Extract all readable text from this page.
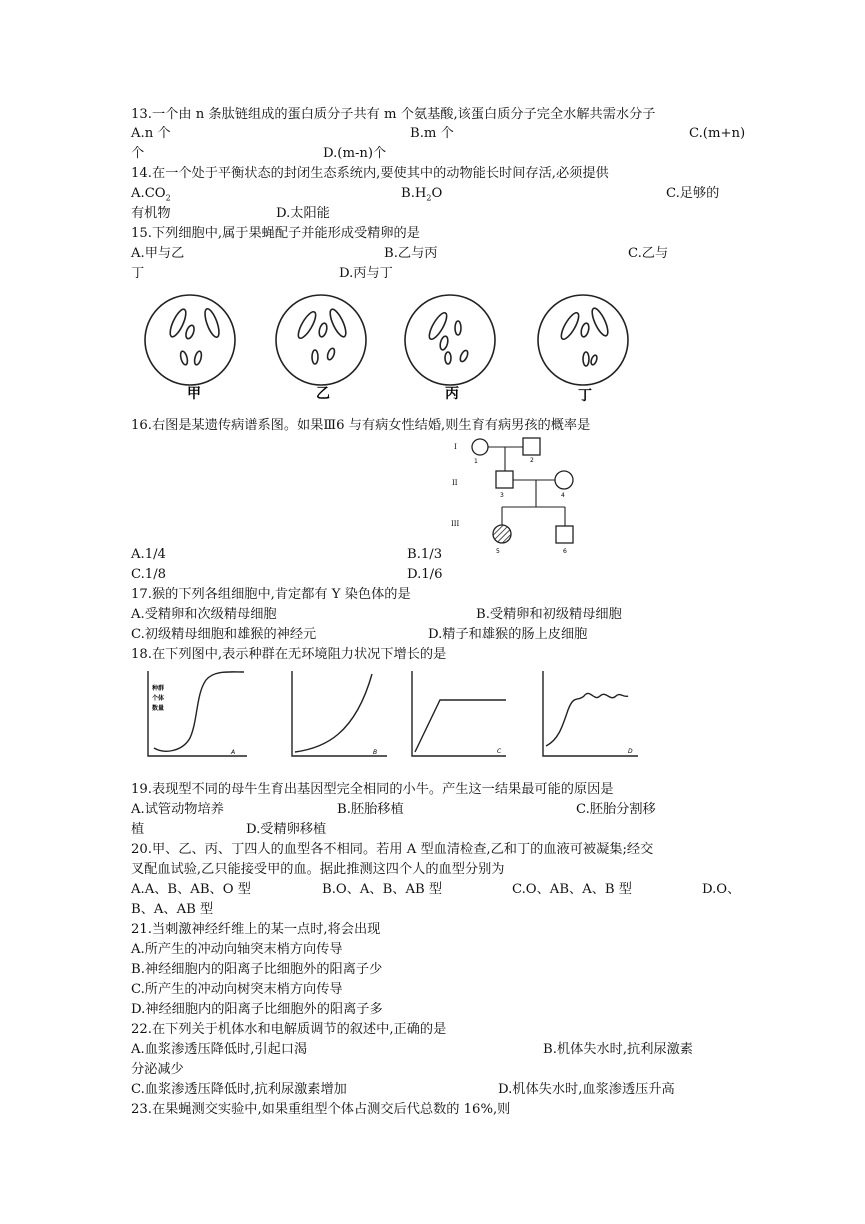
13.一个由 n 条肽链组成的蛋白质分子共有 m 个氨基酸,该蛋白质分子完全水解共需水分子
A.n 个	B.m 个	C.(m+n)
个	D.(m-n)个
14.在一个处于平衡状态的封闭生态系统内,要使其中的动物能长时间存活,必须提供
$A.CO_2$	$B.H_2O$	C.足够的
有机物	D.太阳能
15.下列细胞中,属于果蝇配子并能形成受精卵的是
A.甲与乙	B.乙与丙	C.乙与
丁	D.丙与丁
甲	乙	丙	丁
16.右图是某遗传病谱系图。如果Ⅲ6 与有病女性结婚,则生育有病男孩的概率是
I
II
III
1	2
3	4
5	6
A.1/4	B.1/3
C.1/8	D.1/6
17.猴的下列各组细胞中,肯定都有 Y 染色体的是
A.受精卵和次级精母细胞	B.受精卵和初级精母细胞
C.初级精母细胞和雄猴的神经元	D.精子和雄猴的肠上皮细胞
18.在下列图中,表示种群在无环境阻力状况下增长的是
种 群
个 体
数 量
A	B	C	D
19.表现型不同的母牛生育出基因型完全相同的小牛。产生这一结果最可能的原因是
A.试管动物培养	B.胚胎移植	C.胚胎分割移
植	D.受精卵移植
20.甲、乙、丙、丁四人的血型各不相同。若用 A 型血清检查,乙和丁的血液可被凝集;经交
叉配血试验,乙只能接受甲的血。据此推测这四个人的血型分别为
A.A、B、AB、O 型	B.O、A、B、AB 型	C.O、AB、A、B 型	D.O、
B、A、AB 型
21.当刺激神经纤维上的某一点时,将会出现
A.所产生的冲动向轴突末梢方向传导
B.神经细胞内的阳离子比细胞外的阳离子少
C.所产生的冲动向树突末梢方向传导
D.神经细胞内的阳离子比细胞外的阳离子多
22.在下列关于机体水和电解质调节的叙述中,正确的是
A.血浆渗透压降低时,引起口渴	B.机体失水时,抗利尿激素
分泌减少
C.血浆渗透压降低时,抗利尿激素增加	D.机体失水时,血浆渗透压升高
23.在果蝇测交实验中,如果重组型个体占测交后代总数的 16%,则
